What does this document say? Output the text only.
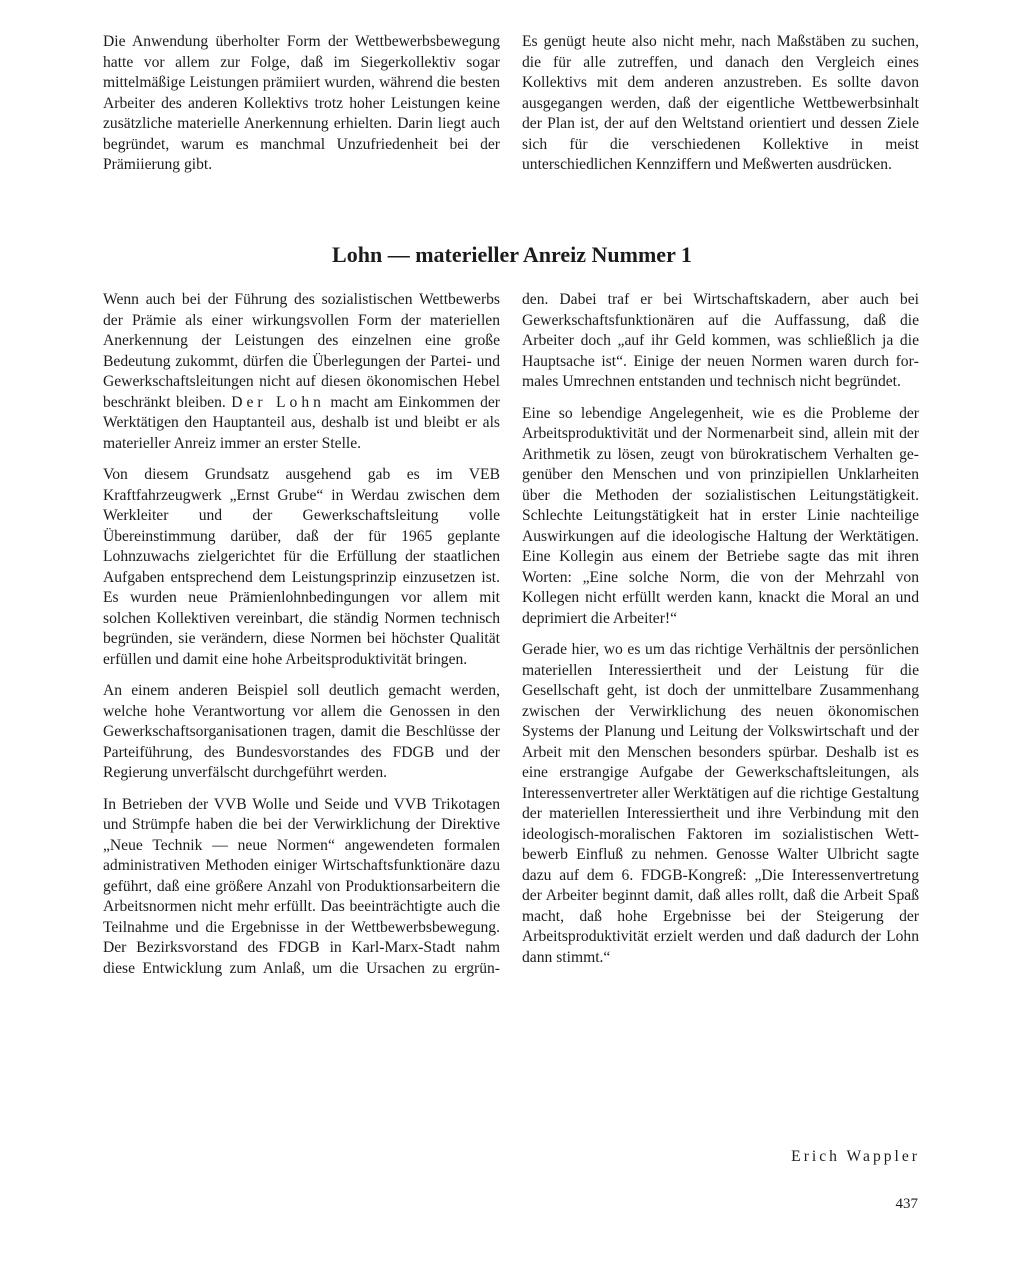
Die Anwendung überholter Form der Wettbewerbsbewegung hatte vor allem zur Folge, daß im Siegerkollektiv sogar mittelmäßige Leistungen prämiiert wurden, während die besten Arbeiter des anderen Kollektivs trotz hoher Leistungen keine zusätzliche materielle Anerkennung erhielten. Darin liegt auch begründet, warum es manchmal Unzufriedenheit bei der Prämiierung gibt.

Es genügt heute also nicht mehr, nach Maßstäben zu suchen, die für alle zutreffen, und danach den Vergleich eines Kollektivs mit dem anderen anzustreben. Es sollte davon ausgegangen werden, daß der eigentliche Wettbewerbsinhalt der Plan ist, der auf den Weltstand orientiert und dessen Ziele sich für die verschiedenen Kollektive in meist unterschiedlichen Kennziffern und Meßwerten ausdrücken.

Lohn — materieller Anreiz Nummer 1

Wenn auch bei der Führung des sozialistischen Wettbewerbs der Prämie als einer wirkungsvollen Form der materiellen Anerkennung der Leistungen des einzelnen eine große Bedeutung zukommt, dürfen die Überlegungen der Partei- und Gewerkschaftsleitungen nicht auf diesen ökonomischen Hebel beschränkt bleiben. Der Lohn macht am Einkommen der Werktätigen den Hauptanteil aus, deshalb ist und bleibt er als materieller Anreiz immer an erster Stelle.

Von diesem Grundsatz ausgehend gab es im VEB Kraftfahrzeugwerk „Ernst Grube“ in Werdau zwischen dem Werkleiter und der Gewerkschaftsleitung volle Übereinstimmung darüber, daß der für 1965 geplante Lohnzuwachs zielgerichtet für die Erfüllung der staatlichen Aufgaben entsprechend dem Leistungsprinzip einzusetzen ist. Es wurden neue Prämienlohnbedingungen vor allem mit solchen Kollektiven vereinbart, die ständig Normen technisch begründen, sie verändern, diese Normen bei höchster Qualität erfüllen und damit eine hohe Arbeitsproduktivität bringen.

An einem anderen Beispiel soll deutlich gemacht werden, welche hohe Verantwortung vor allem die Genossen in den Gewerkschaftsorganisationen tragen, damit die Beschlüsse der Parteiführung, des Bundesvorstandes des FDGB und der Regierung unverfälscht durchgeführt werden.

In Betrieben der VVB Wolle und Seide und VVB Trikotagen und Strümpfe haben die bei der Verwirklichung der Direktive „Neue Technik — neue Normen“ angewendeten formalen administrativen Methoden einiger Wirtschaftsfunktionäre dazu geführt, daß eine größere Anzahl von Produktionsarbeitern die Arbeitsnormen nicht mehr erfüllt. Das beeinträchtigte auch die Teilnahme und die Ergebnisse in der Wettbewerbsbewegung. Der Bezirksvorstand des FDGB in Karl-Marx-Stadt nahm diese Entwicklung zum Anlaß, um die Ursachen zu ergrün-

den. Dabei traf er bei Wirtschaftskadern, aber auch bei Gewerkschaftsfunktionären auf die Auffassung, daß die Arbeiter doch „auf ihr Geld kommen, was schließlich ja die Hauptsache ist“. Einige der neuen Normen waren durch formales Umrechnen entstanden und technisch nicht begründet.

Eine so lebendige Angelegenheit, wie es die Probleme der Arbeitsproduktivität und der Normenarbeit sind, allein mit der Arithmetik zu lösen, zeugt von bürokratischem Verhalten gegenüber den Menschen und von prinzipiellen Unklarheiten über die Methoden der sozialistischen Leitungstätigkeit. Schlechte Leitungstätigkeit hat in erster Linie nachteilige Auswirkungen auf die ideologische Haltung der Werktätigen. Eine Kollegin aus einem der Betriebe sagte das mit ihren Worten: „Eine solche Norm, die von der Mehrzahl von Kollegen nicht erfüllt werden kann, knackt die Moral an und deprimiert die Arbeiter!“

Gerade hier, wo es um das richtige Verhältnis der persönlichen materiellen Interessiertheit und der Leistung für die Gesellschaft geht, ist doch der unmittelbare Zusammenhang zwischen der Verwirklichung des neuen ökonomischen Systems der Planung und Leitung der Volkswirtschaft und der Arbeit mit den Menschen besonders spürbar. Deshalb ist es eine erstrangige Aufgabe der Gewerkschaftsleitungen, als Interessenvertreter aller Werktätigen auf die richtige Gestaltung der materiellen Interessiertheit und ihre Verbindung mit den ideologisch-moralischen Faktoren im sozialistischen Wettbewerb Einfluß zu nehmen. Genosse Walter Ulbricht sagte dazu auf dem 6. FDGB-Kongreß: „Die Interessenvertretung der Arbeiter beginnt damit, daß alles rollt, daß die Arbeit Spaß macht, daß hohe Ergebnisse bei der Steigerung der Arbeitsproduktivität erzielt werden und daß dadurch der Lohn dann stimmt.“

Erich Wappler

437
